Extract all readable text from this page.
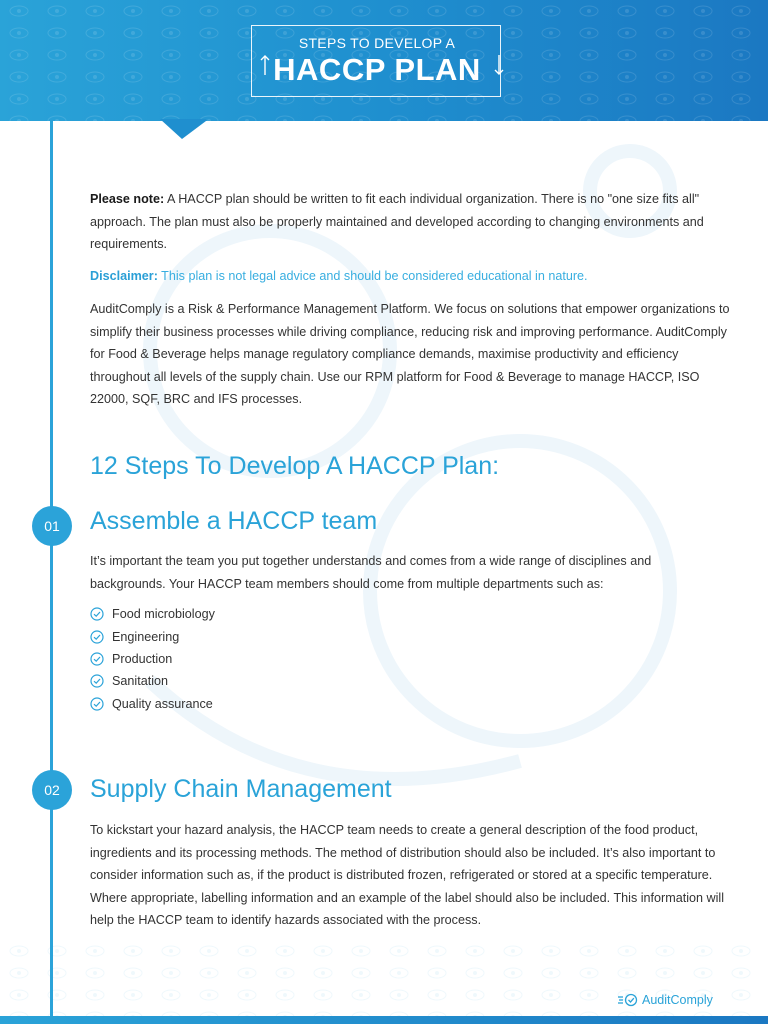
STEPS TO DEVELOP A
HACCP PLAN

Please note: A HACCP plan should be written to fit each individual organization. There is no "one size fits all" approach. The plan must also be properly maintained and developed according to changing environments and requirements.

Disclaimer: This plan is not legal advice and should be considered educational in nature.

AuditComply is a Risk & Performance Management Platform. We focus on solutions that empower organizations to simplify their business processes while driving compliance, reducing risk and improving performance. AuditComply for Food & Beverage helps manage regulatory compliance demands, maximise productivity and efficiency throughout all levels of the supply chain. Use our RPM platform for Food & Beverage to manage HACCP, ISO 22000, SQF, BRC and IFS processes.

12 Steps To Develop A HACCP Plan:
01	Assemble a HACCP team

It’s important the team you put together understands and comes from a wide range of disciplines and backgrounds. Your HACCP team members should come from multiple departments such as:

Food microbiology
Engineering
Production
Sanitation
Quality assurance
02	Supply Chain Management

To kickstart your hazard analysis, the HACCP team needs to create a general description of the food product, ingredients and its processing methods. The method of distribution should also be included. It’s also important to consider information such as, if the product is distributed frozen, refrigerated or stored at a specific temperature. Where appropriate, labelling information and an example of the label should also be included. This information will help the HACCP team to identify hazards associated with the process.

AuditComply
